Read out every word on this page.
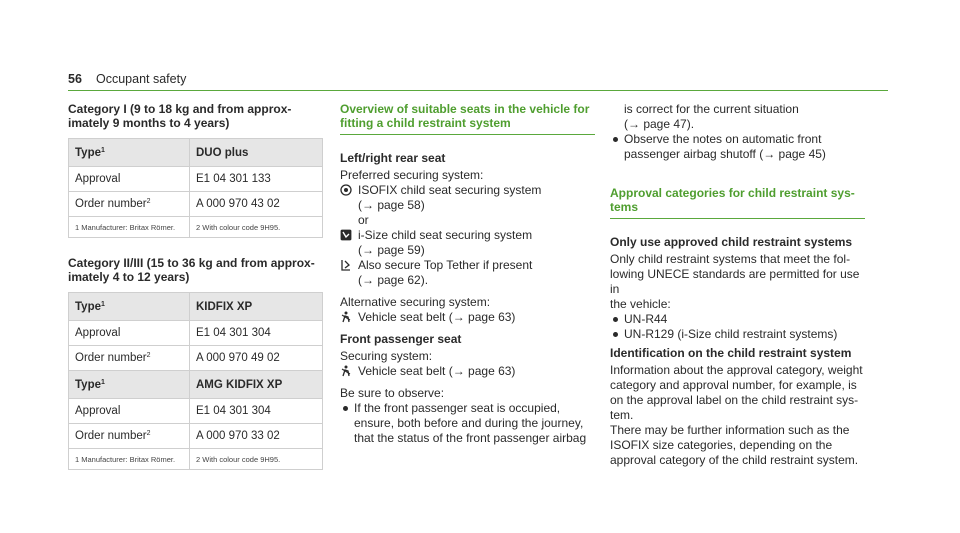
56 Occupant safety
Category I (9 to 18 kg and from approx-
imately 9 months to 4 years)
Type$^1$	DUO plus
Approval	E1 04 301 133
Order number$^2$	A 000 970 43 02
1 Manufacturer: Britax Römer.	2 With colour code 9H95.
Category II/III (15 to 36 kg and from approx-
imately 4 to 12 years)
Type$^1$	KIDFIX XP
Approval	E1 04 301 304
Order number$^2$	A 000 970 49 02
Type$^1$	AMG KIDFIX XP
Approval	E1 04 301 304
Order number$^2$	A 000 970 33 02
1 Manufacturer: Britax Römer.	2 With colour code 9H95.
Overview of suitable seats in the vehicle for
fitting a child restraint system
Left/right rear seat

Preferred securing system:

ISOFIX child seat securing system
(→ page 58)
or
i-Size child seat securing system
(→ page 59)
Also secure Top Tether if present
(→ page 62).

Alternative securing system:

Vehicle seat belt (→ page 63)
Front passenger seat

Securing system:

Vehicle seat belt (→ page 63)

Be sure to observe:

If the front passenger seat is occupied,
ensure, both before and during the journey,
that the status of the front passenger airbag
is correct for the current situation
(→ page 47).
Observe the notes on automatic front
passenger airbag shutoff (→ page 45)
Approval categories for child restraint sys-
tems
Only use approved child restraint systems
Only child restraint systems that meet the fol-
lowing UNECE standards are permitted for use in
the vehicle:
UN-R44
UN-R129 (i-Size child restraint systems)
Identification on the child restraint system
Information about the approval category, weight
category and approval number, for example, is
on the approval label on the child restraint sys-
tem.
There may be further information such as the
ISOFIX size categories, depending on the
approval category of the child restraint system.
